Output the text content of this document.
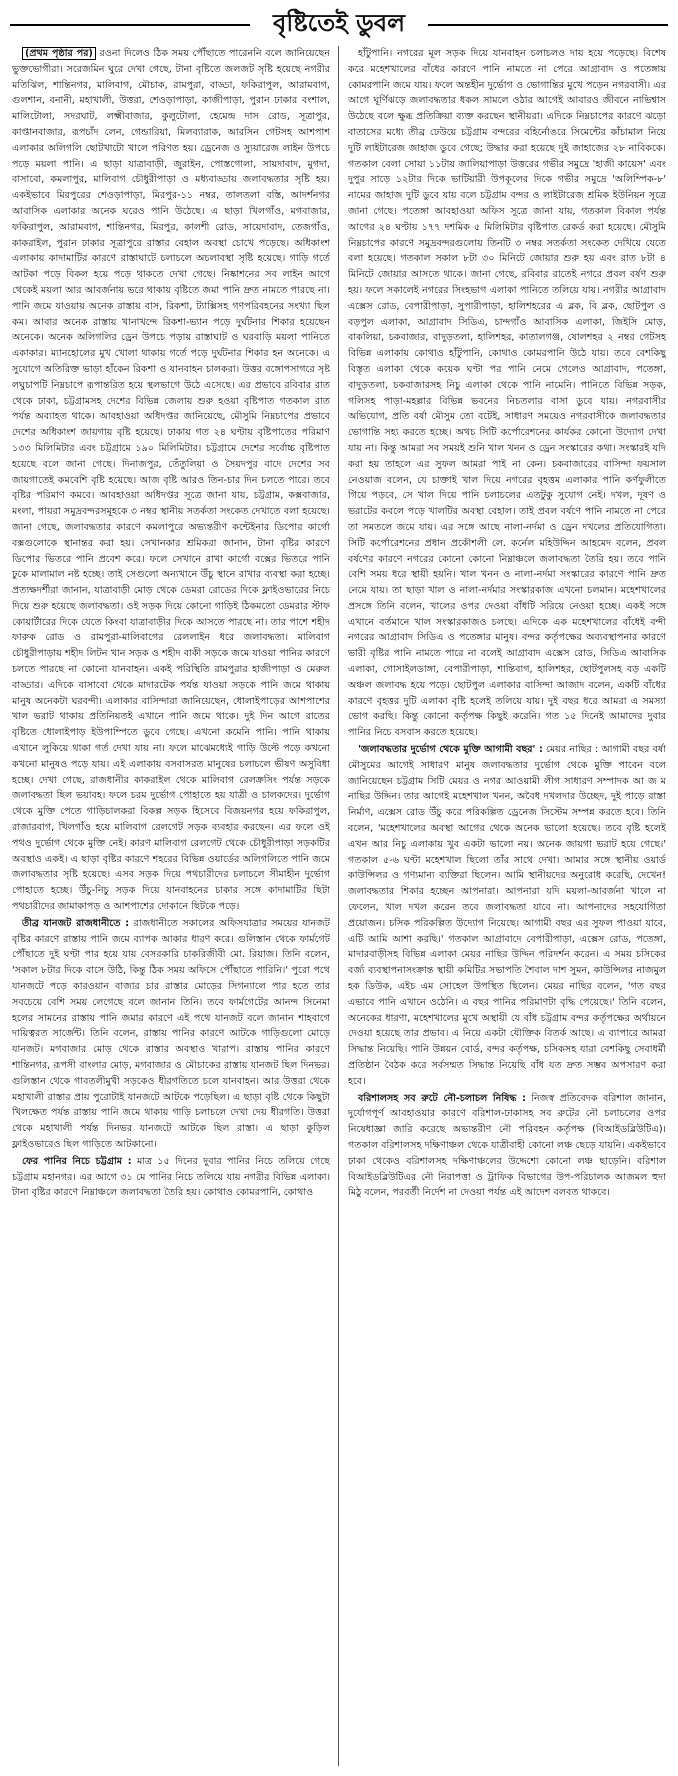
বৃষ্টিতেই ডুবল

(প্রথম পৃষ্ঠার পর) রওনা দিলেও ঠিক সময় পৌঁছাতে পারেননি বলে জানিয়েছেন ভুক্তভোগীরা। সরেজমিন ঘুরে দেখা গেছে, টানা বৃষ্টিতে জলজট সৃষ্টি হয়েছে নগরীর মতিঝিল, শান্তিনগর, মালিবাগ, মৌচাক, রামপুরা, বাড্ডা, ফকিরাপুল, আরামবাগ, গুলশান, বনানী, মহাখালী, উত্তরা, শেওড়াপাড়া, কাজীপাড়া, পুরান ঢাকার বংশাল, মালিটোলা, সদরঘাট, লক্ষ্মীবাজার, কুলুটোলা, হেমেন্দ্র দাস রোড, সূত্রাপুর, কাপ্তানবাজার, রূপচাঁদ লেন, গেন্ডারিয়া, মিলব্যারাক, আরসিন গেটসহ আশপাশ এলাকার অলিগলি ছোটখাটো খালে পরিণত হয়। ড্রেনেজ ও স্যুয়ারেজ লাইন উপচে পড়ে ময়লা পানি। এ ছাড়া যাত্রাবাড়ী, জুরাইন, পোস্তগোলা, সায়দাবাদ, মুগদা, বাসাবো, কমলাপুর, মালিবাগ চৌধুরীপাড়া ও মধ্যবাড্ডায় জলাবদ্ধতার সৃষ্টি হয়। একইভাবে মিরপুরের শেওড়াপাড়া, মিরপুর-১১ নম্বর, তালতলা বস্তি, আদর্শনগর আবাসিক এলাকার অনেক ঘরেও পানি উঠেছে। এ ছাড়া খিলগাঁও, মগবাজার, ফকিরাপুল, আরামবাগ, শান্তিনগর, মিরপুর, কালশী রোড, সায়েদাবাদ, তেজগাঁও, কাকরাইল, পুরান ঢাকার সূত্রাপুরে রাস্তার বেহাল অবস্থা চোখে পড়েছে। অধিকাংশ এলাকায় কাদামাটির কারণে রাস্তাঘাটে চলাচলে অচলাবস্থা সৃষ্টি হয়েছে। গাড়ি গর্তে আটকা পড়ে বিকল হয়ে পড়ে থাকতে দেখা গেছে। নিষ্কাশনের সব লাইন আগে থেকেই ময়লা আর আবর্জনায় ভরে থাকায় বৃষ্টিতে জমা পানি দ্রুত নামতে পারছে না। পানি জমে যাওয়ায় অনেক রাস্তায় বাস, রিকশা, ট্যাক্সিসহ গণপরিবহনের সংখ্যা ছিল কম। আবার অনেক রাস্তায় খানাখন্দে রিকশা-ভ্যান পড়ে দুর্ঘটনার শিকার হয়েছেন অনেকে। অনেক অলিগলির ড্রেন উপচে পড়ায় রাস্তাঘাট ও ঘরবাড়ি ময়লা পানিতে একাকার। ম্যানহোলের মুখ খোলা থাকায় গর্তে পড়ে দুর্ঘটনার শিকার হন অনেকে। এ সুযোগে অতিরিক্ত ভাড়া হাঁকেন রিকশা ও যানবাহন চালকরা। উত্তর বঙ্গোপসাগরে সৃষ্ট লঘুচাপটি নিম্নচাপে রূপান্তরিত হয়ে স্থলভাগে উঠে এসেছে। এর প্রভাবে রবিবার রাত থেকে ঢাকা, চট্টগ্রামসহ দেশের বিভিন্ন জেলায় শুরু হওয়া বৃষ্টিপাত গতকাল রাত পর্যন্ত অব্যাহত থাকে। আবহাওয়া অধিদপ্তর জানিয়েছে, মৌসুমি নিম্নচাপের প্রভাবে দেশের অধিকাংশ জায়গায় বৃষ্টি হয়েছে। ঢাকায় গত ২৪ ঘণ্টায় বৃষ্টিপাতের পরিমাণ ১৩৩ মিলিমিটার এবং চট্টগ্রামে ১৯০ মিলিমিটার। চট্টগ্রামে দেশের সর্বোচ্চ বৃষ্টিপাত হয়েছে বলে জানা গেছে। দিনাজপুর, তেঁতুলিয়া ও সৈয়দপুর বাদে দেশের সব জায়গাতেই কমবেশি বৃষ্টি হয়েছে। আজ বৃষ্টি আরও তিন-চার দিন চলতে পারে। তবে বৃষ্টির পরিমাণ কমবে। আবহাওয়া অধিদপ্তর সূত্রে জানা যায়, চট্টগ্রাম, কক্সবাজার, মংলা, পায়রা সমুদ্রবন্দরসমূহকে ৩ নম্বর স্থানীয় সতর্কতা সংকেত দেখাতে বলা হয়েছে। জানা গেছে, জলাবদ্ধতার কারণে কমলাপুরে অভ্যন্তরীণ কন্টেইনার ডিপোর কার্গো বক্সগুলোকে স্থানান্তর করা হয়। সেখানকার শ্রমিকরা জানান, টানা বৃষ্টির কারণে ডিপোর ভিতরে পানি প্রবেশ করে। ফলে সেখানে রাখা কার্গো বক্সের ভিতরে পানি ঢুকে মালামাল নষ্ট হচ্ছে। তাই সেগুলো অন্যখানে উঁচু স্থানে রাখার ব্যবস্থা করা হচ্ছে। প্রত্যক্ষদর্শীরা জানান, যাত্রাবাড়ী মোড় থেকে ডেমরা রোডের দিকে ফ্লাইওভারের নিচে দিয়ে শুরু হয়েছে জলাবদ্ধতা। ওই সড়ক দিয়ে কোনো গাড়িই ঠিকমতো ডেমরার স্টাফ কোয়ার্টারের দিকে যেতে কিংবা যাত্রাবাড়ীর দিকে আসতে পারছে না। তার পাশে শহীদ ফারুক রোড ও রামপুরা-মালিবাগের রেললাইন ধরে জলাবদ্ধতা। মালিবাগ চৌধুরীপাড়ায় শহীদ লিটন খান সড়ক ও শহীদ বাকী সড়কে জমে যাওয়া পানির কারণে চলতে পারছে না কোনো যানবাহন। একই পরিস্থিতি রামপুরার হাজীপাড়া ও মেরুল বাড্ডার। এদিকে বাসাবো থেকে মাদারটেক পর্যন্ত যাওয়া সড়কে পানি জমে থাকায় মানুষ অনেকটা ঘরবন্দী। এলাকার বাসিন্দারা জানিয়েছেন, ধোলাইপাড়ের আশপাশের খাল ভরাট থাকায় প্রতিনিয়তই এখানে পানি জমে থাকে। দুই দিন আগে রাতের বৃষ্টিতে ধোলাইপাড় ইউপাম্পিতে ডুবে গেছে। এখনো কমেনি পানি। পানি থাকায় এখানে লুকিয়ে থাকা গর্ত দেখা যায় না। ফলে মাঝেমধ্যেই গাড়ি উল্টে পড়ে কখনো কখনো মানুষও পড়ে যায়। এই এলাকায় বসবাসরত মানুষের চলাচলে ভীষণ অসুবিধা হচ্ছে। দেখা গেছে, রাজধানীর কাকরাইল থেকে মালিবাগ রেলক্রসিং পর্যন্ত সড়কে জলাবদ্ধতা ছিল ভয়াবহ। ফলে চরম দুর্ভোগ পোহাতে হয় যাত্রী ও চালকদের। দুর্ভোগ থেকে মুক্তি পেতে গাড়িচালকরা বিকল্প সড়ক হিসেবে বিজয়নগর হয়ে ফকিরাপুল, রাজারবাগ, খিলগাঁও হয়ে মালিবাগ রেলগেট সড়ক ব্যবহার করছেন। এর ফলে ওই পথও দুর্ভোগ থেকে মুক্তি নেই। কারণ মালিবাগ রেলগেট থেকে চৌধুরীপাড়া সড়কটির অবস্থাও একই। এ ছাড়া বৃষ্টির কারণে শহরের বিভিন্ন ওয়ার্ডের অলিগলিতে পানি জমে জলাবদ্ধতার সৃষ্টি হয়েছে। এসব সড়ক দিয়ে পথচারীদের চলাচলে সীমাহীন দুর্ভোগ পোহাতে হচ্ছে। উঁচু-নিচু সড়ক দিয়ে যানবাহনের চাকার সঙ্গে কাদামাটির ছিটা পথচারীদের জামাকাপড় ও আশপাশের দোকানে ছিটকে পড়ে।

তীব্র যানজট রাজধানীতে : রাজধানীতে সকালের অফিসযাত্রার সময়ের যানজট বৃষ্টির কারণে রাস্তায় পানি জমে ব্যাপক আকার ধারণ করে। গুলিস্তান থেকে ফার্মগেট পৌঁছাতে দুই ঘণ্টা পার হয়ে যায় বেসরকারি চাকরিজীবী মো. রিয়াজ। তিনি বলেন, 'সকাল ৮টার দিকে বাসে উঠি, কিন্তু ঠিক সময় অফিসে পৌঁছাতে পারিনি।' পুরো পথে যানজটে পড়ে কারওয়ান বাজার চার রাস্তার মোড়ের সিগন্যালে পার হতে তার সবচেয়ে বেশি সময় লেগেছে বলে জানান তিনি। তবে ফার্মগেটের আনন্দ সিনেমা হলের সামনের রাস্তায় পানি জমার কারণে এই পথে যানজট বলে জানান শাহবাগে দায়িত্বরত সার্জেন্ট। তিনি বলেন, রাস্তায় পানির কারণে আটকে গাড়িগুলো মোড়ে যানজট। মগবাজার মোড় থেকে রাস্তার অবস্থাও খারাপ। রাস্তায় পানির কারণে শান্তিনগর, রূপসী বাংলার মোড়, মগবাজার ও মৌচাকের রাস্তায় যানজট ছিল দিনভর। গুলিস্তান থেকে গাবতলীমুখী সড়কেও ধীরগতিতে চলে যানবাহন। আর উত্তরা থেকে মহাখালী রাস্তার প্রায় পুরোটাই যানজটে আটকে পড়েছিল। এ ছাড়া বৃষ্টি থেকে কিছুটা খিলক্ষেত পর্যন্ত রাস্তায় পানি জমে থাকায় গাড়ি চলাচলে দেখা দেয় ধীরগতি। উত্তরা থেকে মহাখালী পর্যন্ত দিনভর যানজটে আটকে ছিল রাস্তা। এ ছাড়া কুড়িল ফ্লাইওভারেও ছিল গাড়িতে আটকানো।

ফের পানির নিচে চট্টগ্রাম : মাত্র ১৫ দিনের দুবার পানির নিচে তলিয়ে গেছে চট্টগ্রাম মহানগর। এর আগে ৩১ মে পানির নিচে তলিয়ে যায় নগরীর বিভিন্ন এলাকা। টানা বৃষ্টির কারণে নিম্নাঞ্চলে জলাবদ্ধতা তৈরি হয়। কোথাও কোমরপানি, কোথাও

হাঁটুপানি। নগরের মূল সড়ক দিয়ে যানবাহন চলাচলও দায় হয়ে পড়েছে। বিশেষ করে মহেশখালের বাঁধের কারণে পানি নামতে না পেরে আগ্রাবাদ ও পতেঙ্গায় কোমরপানি জমে যায়। ফলে অন্তহীন দুর্ভোগ ও ভোগান্তির মুখে পড়েন নগরবাসী। এর আগে ঘূর্ণিঝড়ে জলাবদ্ধতার ধকল সামলে ওঠার আগেই আবারও জীবনে নাভিশ্বাস উঠেছে বলে ক্ষুব্ধ প্রতিক্রিয়া ব্যক্ত করছেন স্থানীয়রা। এদিকে নিম্নচাপের কারণে ঝড়ো বাতাসের মধ্যে তীব্র ঢেউয়ে চট্টগ্রাম বন্দরের বহির্নোঙরে সিমেন্টের কাঁচামাল নিয়ে দুটি লাইটারেজ জাহাজ ডুবে গেছে; উদ্ধার করা হয়েছে দুই জাহাজের ২৮ নাবিককে। গতকাল বেলা সোয়া ১১টায় জালিয়াপাড়া উত্তরের গভীর সমুদ্রে 'হাজী কায়েস' এবং দুপুর সাড়ে ১২টার দিকে ভাটিয়ারী উপকূলের দিকে গভীর সমুদ্রে 'অলিম্পিক-৮' নামের জাহাজ দুটি ডুবে যায় বলে চট্টগ্রাম বন্দর ও লাইটারেজ শ্রমিক ইউনিয়ন সূত্রে জানা গেছে। পতেঙ্গা আবহাওয়া অফিস সূত্রে জানা যায়, গতকাল বিকাল পর্যন্ত আগের ২৪ ঘণ্টায় ১৭৭ দশমিক ৫ মিলিমিটার বৃষ্টিপাত রেকর্ড করা হয়েছে। মৌসুমি নিম্নচাপের কারণে সমুদ্রবন্দরগুলোয় তিনটি ৩ নম্বর সতর্কতা সংকেত দেখিয়ে যেতে বলা হয়েছে। গতকাল সকাল ৮টা ৩০ মিনিটে জোয়ার শুরু হয় এবং রাত ৮টা ৪ মিনিটে জোয়ার আসতে থাকে। জানা গেছে, রবিবার রাতেই নগরে প্রবল বর্ষণ শুরু হয়। ফলে সকালেই নগরের সিংহভাগ এলাকা পানিতে তলিয়ে যায়। নগরীর আগ্রাবাদ এক্সেস রোড, বেপারীপাড়া, সুপারীপাড়া, হালিশহরের এ ব্লক, বি ব্লক, ছোটপুল ও বড়পুল এলাকা, আগ্রাবাদ সিডিএ, চান্দগাঁও আবাসিক এলাকা, জিইসি মোড়, বাকলিয়া, চকবাজার, বাদুড়তলা, হালিশহর, কাতালগঞ্জ, ষোলশহর ২ নম্বর গেটসহ বিভিন্ন এলাকায় কোথাও হাঁটুপানি, কোথাও কোমরপানি উঠে যায়। তবে বেশকিছু বিস্তৃত এলাকা থেকে কয়েক ঘণ্টা পর পানি নেমে গেলেও আগ্রাবাদ, পতেঙ্গা, বাদুড়তলা, চকবাজারসহ নিচু এলাকা থেকে পানি নামেনি। পানিতে বিভিন্ন সড়ক, গলিসহ পাড়া-মহল্লার বিভিন্ন ভবনের নিচতলার বাসা ডুবে যায়। নগরবাসীর অভিযোগ, প্রতি বর্ষা মৌসুম তো বটেই, সাধারণ সময়েও নগরবাসীকে জলাবদ্ধতার ভোগান্তি সহ্য করতে হচ্ছে। অথচ সিটি কর্পোরেশনের কার্যকর কোনো উদ্যোগ দেখা যায় না। কিন্তু আমরা সব সময়ই শুনি খাল খনন ও ড্রেন সংস্কারের কথা। সংস্কারই যদি করা হয় তাহলে এর সুফল আমরা পাই না কেন। চকবাজারের বাসিন্দা ফয়সাল নেওয়াজ বলেন, যে চাক্তাই খাল দিয়ে নগরের বৃহত্তম এলাকার পানি কর্ণফুলীতে গিয়ে পড়বে, সে খাল দিয়ে পানি চলাচলের এতটুকু সুযোগ নেই। দখল, দূষণ ও ভরাটের কবলে পড়ে খালটির অবস্থা বেহাল। তাই প্রবল বর্ষণে পানি নামতে না পেরে তা সমতলে জমে যায়। এর সঙ্গে আছে নালা-নর্দমা ও ড্রেন দখলের প্রতিযোগিতা। সিটি কর্পোরেশনের প্রধান প্রকৌশলী লে. কর্নেল মহিউদ্দিন আহমেদ বলেন, প্রবল বর্ষণের কারণে নগরের কোনো কোনো নিম্নাঞ্চলে জলাবদ্ধতা তৈরি হয়। তবে পানি বেশি সময় ধরে স্থায়ী হয়নি। খাল খনন ও নালা-নর্দমা সংস্কারের কারণে পানি দ্রুত নেমে যায়। তা ছাড়া খাল ও নালা-নর্দমার সংস্কারকাজ এখনো চলমান। মহেশখালের প্রসঙ্গে তিনি বলেন, খালের ওপর দেওয়া বাঁধটি সরিয়ে নেওয়া হচ্ছে। একই সঙ্গে এখানে বর্তমানে খাল সংস্কারকাজও চলছে। এদিকে এক মহেশখালের বাঁধেই বন্দী নগরের আগ্রাবাদ সিডিএ ও পতেঙ্গার মানুষ। বন্দর কর্তৃপক্ষের অব্যবস্থাপনার কারণে ভারী বৃষ্টির পানি নামতে পারে না বলেই আগ্রাবাদ এক্সেস রোড, সিডিএ আবাসিক এলাকা, গোসাইলডাঙ্গা, বেপারীপাড়া, শান্তিবাগ, হালিশহর, ছোটপুলসহ বড় একটি অঞ্চল জলাবদ্ধ হয়ে পড়ে। ছোটপুল এলাকার বাসিন্দা আজাদ বলেন, একটি বাঁধের কারণে বৃহত্তর দুটি এলাকা বৃষ্টি হলেই তলিয়ে যায়। দুই বছর ধরে আমরা এ সমস্যা ভোগ করছি। কিন্তু কোনো কর্তৃপক্ষ কিছুই করেনি। গত ১৫ দিনেই আমাদের দুবার পানির নিচে বসবাস করতে হয়েছে।

'জলাবদ্ধতার দুর্ভোগ থেকে মুক্তি আগামী বছর' : মেয়র নাছির : আগামী বছর বর্ষা মৌসুমের আগেই সাধারণ মানুষ জলাবদ্ধতার দুর্ভোগ থেকে মুক্তি পাবেন বলে জানিয়েছেন চট্টগ্রাম সিটি মেয়র ও নগর আওয়ামী লীগ সাধারণ সম্পাদক আ জ ম নাছির উদ্দিন। তার আগেই মহেশখাল খনন, অবৈধ দখলদার উচ্ছেদ, দুই পাড়ে রাস্তা নির্মাণ, এক্সেস রোড উঁচু করে পরিকল্পিত ড্রেনেজ সিস্টেম সম্পন্ন করতে হবে। তিনি বলেন, 'মহেশখালের অবস্থা আগের থেকে অনেক ভালো হয়েছে। তবে বৃষ্টি হলেই এখন আর নিচু এলাকায় খুব একটা ভালো নয়। অনেক জায়গা ভরাট হয়ে গেছে।' গতকাল ৫-৬ ঘণ্টা মহেশখাল ছিলো তাঁর সাথে দেখা। আমার সঙ্গে স্থানীয় ওয়ার্ড কাউন্সিলর ও গণ্যমান্য ব্যক্তিরা ছিলেন। আমি স্থানীয়দের অনুরোধ করেছি, দেখেন! জলাবদ্ধতার শিকার হচ্ছেন আপনারা। আপনারা যদি ময়লা-আবর্জনা খালে না ফেলেন, খাল দখল করেন তবে জলাবদ্ধতা যাবে না। আপনাদের সহযোগিতা প্রয়োজন। চসিক পরিকল্পিত উদ্যোগ নিয়েছে। আগামী বছর এর সুফল পাওয়া যাবে, এটি আমি আশা করছি।' গতকাল আগ্রাবাদে বেপারীপাড়া, এক্সেস রোড, পতেঙ্গা, মাদারবাড়ীসহ বিভিন্ন এলাকা মেয়র নাছির উদ্দিন পরিদর্শন করেন। এ সময় চসিকের বর্জ্য ব্যবস্থাপনাসংক্রান্ত স্থায়ী কমিটির সভাপতি শৈবাল দাশ সুমন, কাউন্সিলর নাজমুল হক ডিউক, এইচ এম সোহেল উপস্থিত ছিলেন। মেয়র নাছির বলেন, 'গত বছর এভাবে পানি এখানে ওঠেনি। এ বছর পানির পরিমাণটা বৃদ্ধি পেয়েছে।' তিনি বলেন, অনেকের ধারণা, মহেশখালের মুখে অস্থায়ী যে বাঁধ চট্টগ্রাম বন্দর কর্তৃপক্ষের অর্থায়নে দেওয়া হয়েছে তার প্রভাব। এ নিয়ে একটা যৌক্তিক বিতর্ক আছে। এ ব্যাপারে আমরা সিদ্ধান্ত নিয়েছি। পানি উন্নয়ন বোর্ড, বন্দর কর্তৃপক্ষ, চসিকসহ যারা বেশকিছু সেবাধর্মী প্রতিষ্ঠান বৈঠক করে সর্বসম্মত সিদ্ধান্ত নিয়েছি বাঁধ যত দ্রুত সম্ভব অপসারণ করা হবে।

বরিশালসহ সব রুটে নৌ-চলাচল নিষিদ্ধ : নিজস্ব প্রতিবেদক বরিশাল জানান, দুর্যোগপূর্ণ আবহাওয়ার কারণে বরিশাল-ঢাকাসহ সব রুটের নৌ চলাচলের ওপর নিষেধাজ্ঞা জারি করেছে অভ্যন্তরীণ নৌ পরিবহন কর্তৃপক্ষ (বিআইডব্লিউটিএ)। গতকাল বরিশালসহ দক্ষিণাঞ্চল থেকে যাত্রীবাহী কোনো লঞ্চ ছেড়ে যায়নি। একইভাবে ঢাকা থেকেও বরিশালসহ দক্ষিণাঞ্চলের উদ্দেশ্যে কোনো লঞ্চ ছাড়েনি। বরিশাল বিআইডব্লিউটিএর নৌ নিরাপত্তা ও ট্রাফিক বিভাগের উপ-পরিচালক আজমল হুদা মিঠু বলেন, পরবর্তী নির্দেশ না দেওয়া পর্যন্ত এই আদেশ বলবত থাকবে।
